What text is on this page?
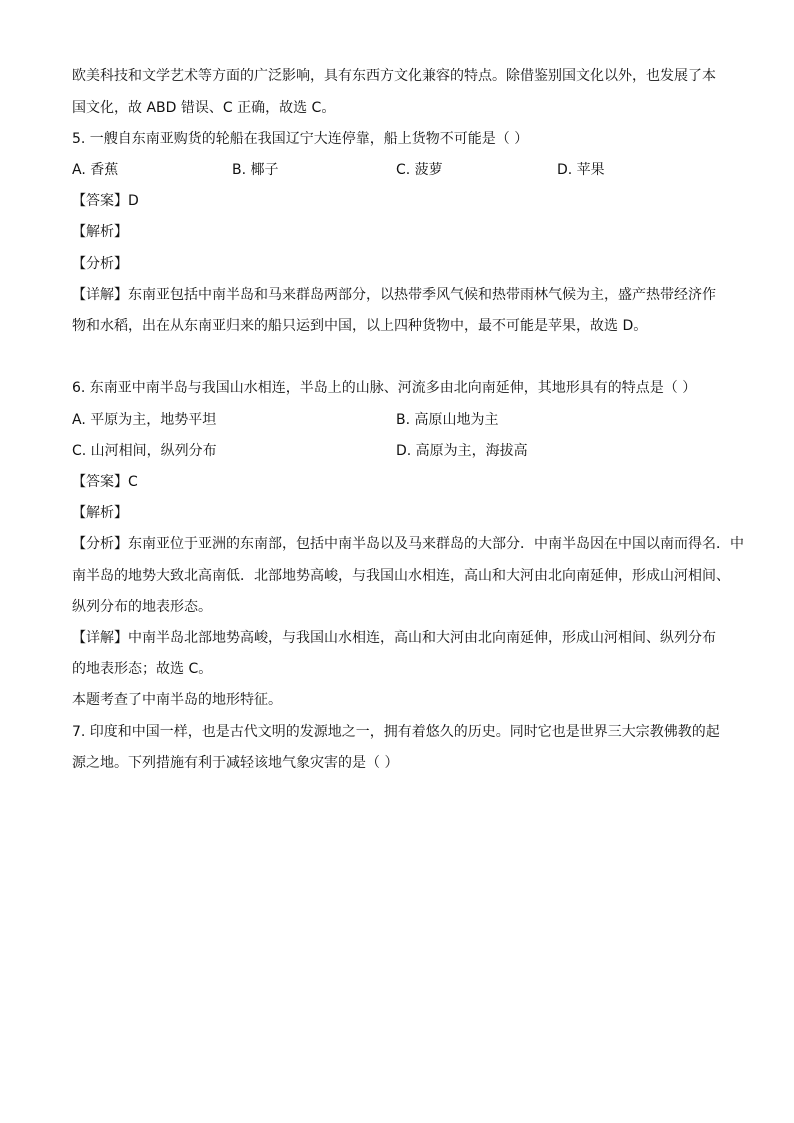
欧美科技和文学艺术等方面的广泛影响，具有东西方文化兼容的特点。除借鉴别国文化以外，也发展了本
国文化，故 ABD 错误、C 正确，故选 C。
5. 一艘自东南亚购货的轮船在我国辽宁大连停靠，船上货物不可能是（ ）
A. 香蕉	B. 椰子	C. 菠萝	D. 苹果
【答案】D
【解析】
【分析】
【详解】东南亚包括中南半岛和马来群岛两部分，以热带季风气候和热带雨林气候为主，盛产热带经济作
物和水稻，出在从东南亚归来的船只运到中国，以上四种货物中，最不可能是苹果，故选 D。
6. 东南亚中南半岛与我国山水相连，半岛上的山脉、河流多由北向南延伸，其地形具有的特点是（ ）
A. 平原为主，地势平坦	B. 高原山地为主
C. 山河相间，纵列分布	D. 高原为主，海拔高
【答案】C
【解析】
【分析】东南亚位于亚洲的东南部，包括中南半岛以及马来群岛的大部分．中南半岛因在中国以南而得名．中
南半岛的地势大致北高南低．北部地势高峻，与我国山水相连，高山和大河由北向南延伸，形成山河相间、
纵列分布的地表形态。
【详解】中南半岛北部地势高峻，与我国山水相连，高山和大河由北向南延伸，形成山河相间、纵列分布
的地表形态；故选 C。
本题考查了中南半岛的地形特征。
7. 印度和中国一样，也是古代文明的发源地之一，拥有着悠久的历史。同时它也是世界三大宗教佛教的起
源之地。下列措施有利于减轻该地气象灾害的是（ ）
